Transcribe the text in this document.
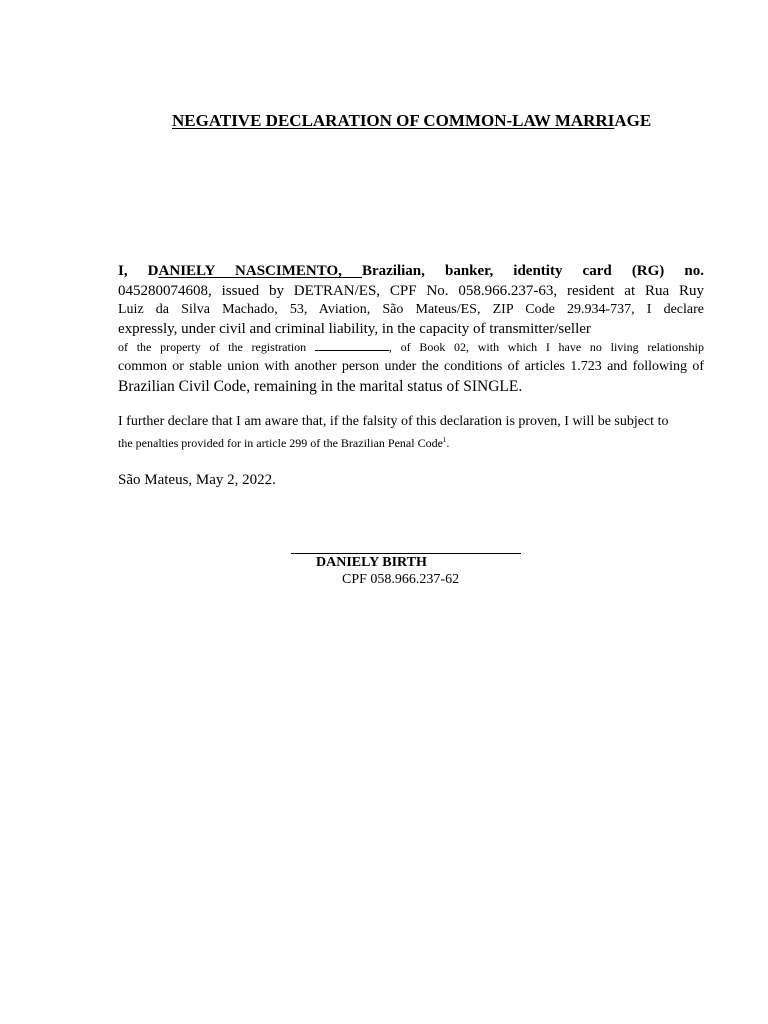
NEGATIVE DECLARATION OF COMMON-LAW MARRIAGE
I, DANIELY NASCIMENTO, Brazilian, banker, identity card (RG) no.
045280074608, issued by DETRAN/ES, CPF No. 058.966.237-63, resident at Rua Ruy
Luiz da Silva Machado, 53, Aviation, São Mateus/ES, ZIP Code 29.934-737, I declare
expressly, under civil and criminal liability, in the capacity of transmitter/seller
of the property of the registration	, of Book 02, with which I have no living relationship
common or stable union with another person under the conditions of articles 1.723 and following of
Brazilian Civil Code, remaining in the marital status of SINGLE.
I further declare that I am aware that, if the falsity of this declaration is proven, I will be subject to
the penalties provided for in article 299 of the Brazilian Penal Code$^1$.
São Mateus, May 2, 2022.
DANIELY BIRTH
CPF 058.966.237-62
